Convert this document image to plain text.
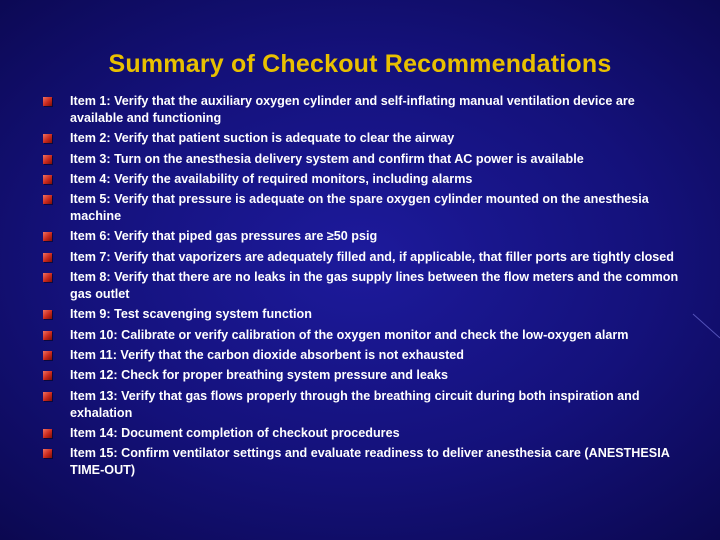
Summary of Checkout Recommendations
Item 1: Verify that the auxiliary oxygen cylinder and self-inflating manual ventilation device are available and functioning
Item 2: Verify that patient suction is adequate to clear the airway
Item 3: Turn on the anesthesia delivery system and confirm that AC power is available
Item 4: Verify the availability of required monitors, including alarms
Item 5: Verify that pressure is adequate on the spare oxygen cylinder mounted on the anesthesia machine
Item 6: Verify that piped gas pressures are ≥50 psig
Item 7: Verify that vaporizers are adequately filled and, if applicable, that filler ports are tightly closed
Item 8: Verify that there are no leaks in the gas supply lines between the flow meters and the common gas outlet
Item 9: Test scavenging system function
Item 10: Calibrate or verify calibration of the oxygen monitor and check the low-oxygen alarm
Item 11: Verify that the carbon dioxide absorbent is not exhausted
Item 12: Check for proper breathing system pressure and leaks
Item 13: Verify that gas flows properly through the breathing circuit during both inspiration and exhalation
Item 14: Document completion of checkout procedures
Item 15: Confirm ventilator settings and evaluate readiness to deliver anesthesia care (ANESTHESIA TIME-OUT)
